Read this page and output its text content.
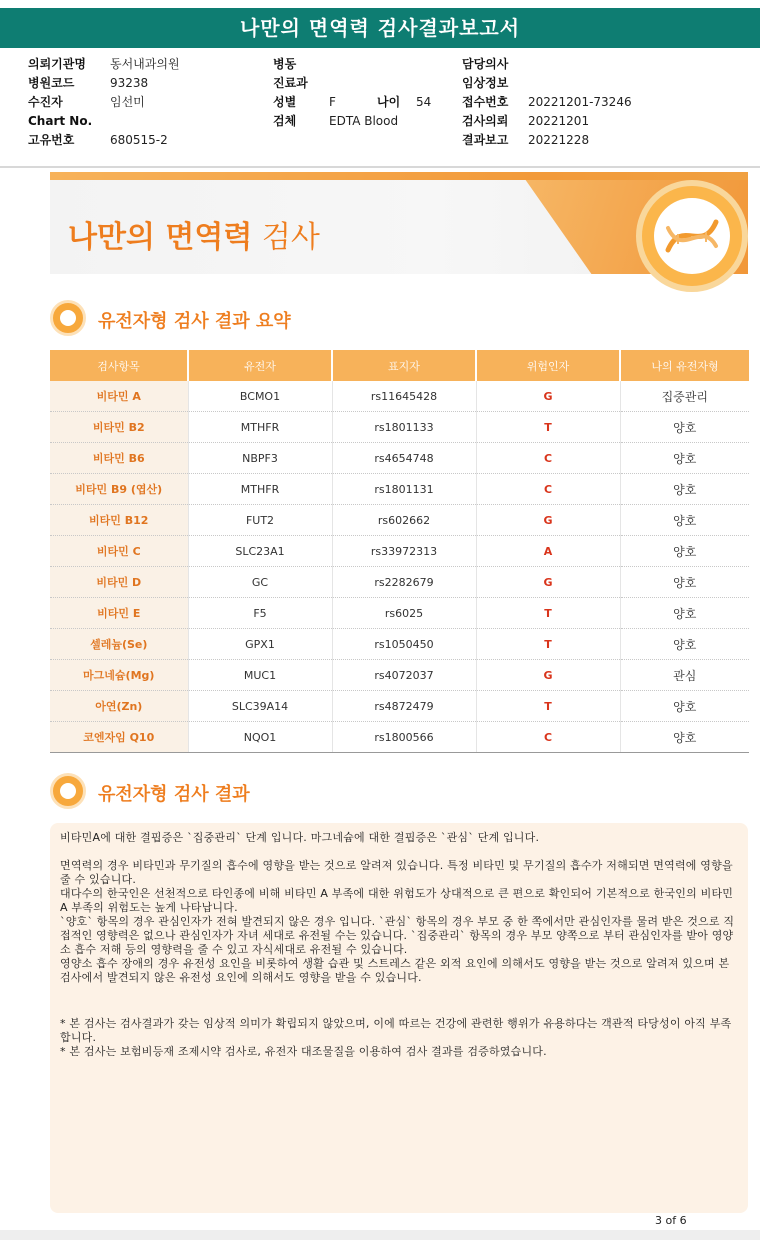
나만의 면역력 검사결과보고서
의뢰기관명 동서내과의원
병원코드	93238
수진자	임선미
Chart No.
고유번호	680515-2
병동
진료과
성별	F	나이 54
검체	EDTA Blood
담당의사
임상정보
접수번호 20221201-73246
검사의뢰 20221201
결과보고 20221228
나만의 면역력 검사
유전자형 검사 결과 요약
검사항목	유전자	표지자	위험인자	나의 유전자형
비타민 A	BCMO1	rs11645428	G	집중관리
비타민 B2	MTHFR	rs1801133	T	양호
비타민 B6	NBPF3	rs4654748	C	양호
비타민 B9 (엽산)	MTHFR	rs1801131	C	양호
비타민 B12	FUT2	rs602662	G	양호
비타민 C	SLC23A1	rs33972313	A	양호
비타민 D	GC	rs2282679	G	양호
비타민 E	F5	rs6025	T	양호
셀레늄(Se)	GPX1	rs1050450	T	양호
마그네슘(Mg)	MUC1	rs4072037	G	관심
아연(Zn)	SLC39A14	rs4872479	T	양호
코엔자임 Q10	NQO1	rs1800566	C	양호
유전자형 검사 결과

비타민A에 대한 결핍증은 `집중관리` 단계 입니다. 마그네슘에 대한 결핍증은 `관심` 단계 입니다.

면역력의 경우 비타민과 무기질의 흡수에 영향을 받는 것으로 알려져 있습니다. 특정 비타민 및 무기질의 흡수가 저해되면 면역력에 영향을 줄 수 있습니다.
대다수의 한국인은 선천적으로 타인종에 비해 비타민 A 부족에 대한 위험도가 상대적으로 큰 편으로 확인되어 기본적으로 한국인의 비타민 A 부족의 위험도는 높게 나타납니다.
`양호` 항목의 경우 관심인자가 전혀 발견되지 않은 경우 입니다. `관심` 항목의 경우 부모 중 한 쪽에서만 관심인자를 물려 받은 것으로 직접적인 영향력은 없으나 관심인자가 자녀 세대로 유전될 수는 있습니다. `집중관리` 항목의 경우 부모 양쪽으로 부터 관심인자를 받아 영양소 흡수 저해 등의 영향력을 줄 수 있고 자식세대로 유전될 수 있습니다.
영양소 흡수 장애의 경우 유전성 요인을 비롯하여 생활 습관 및 스트레스 같은 외적 요인에 의해서도 영향을 받는 것으로 알려져 있으며 본 검사에서 발견되지 않은 유전성 요인에 의해서도 영향을 받을 수 있습니다.

* 본 검사는 검사결과가 갖는 임상적 의미가 확립되지 않았으며, 이에 따르는 건강에 관련한 행위가 유용하다는 객관적 타당성이 아직 부족합니다.
* 본 검사는 보험비등재 조제시약 검사로, 유전자 대조물질을 이용하여 검사 결과를 검증하였습니다.

3 of 6
